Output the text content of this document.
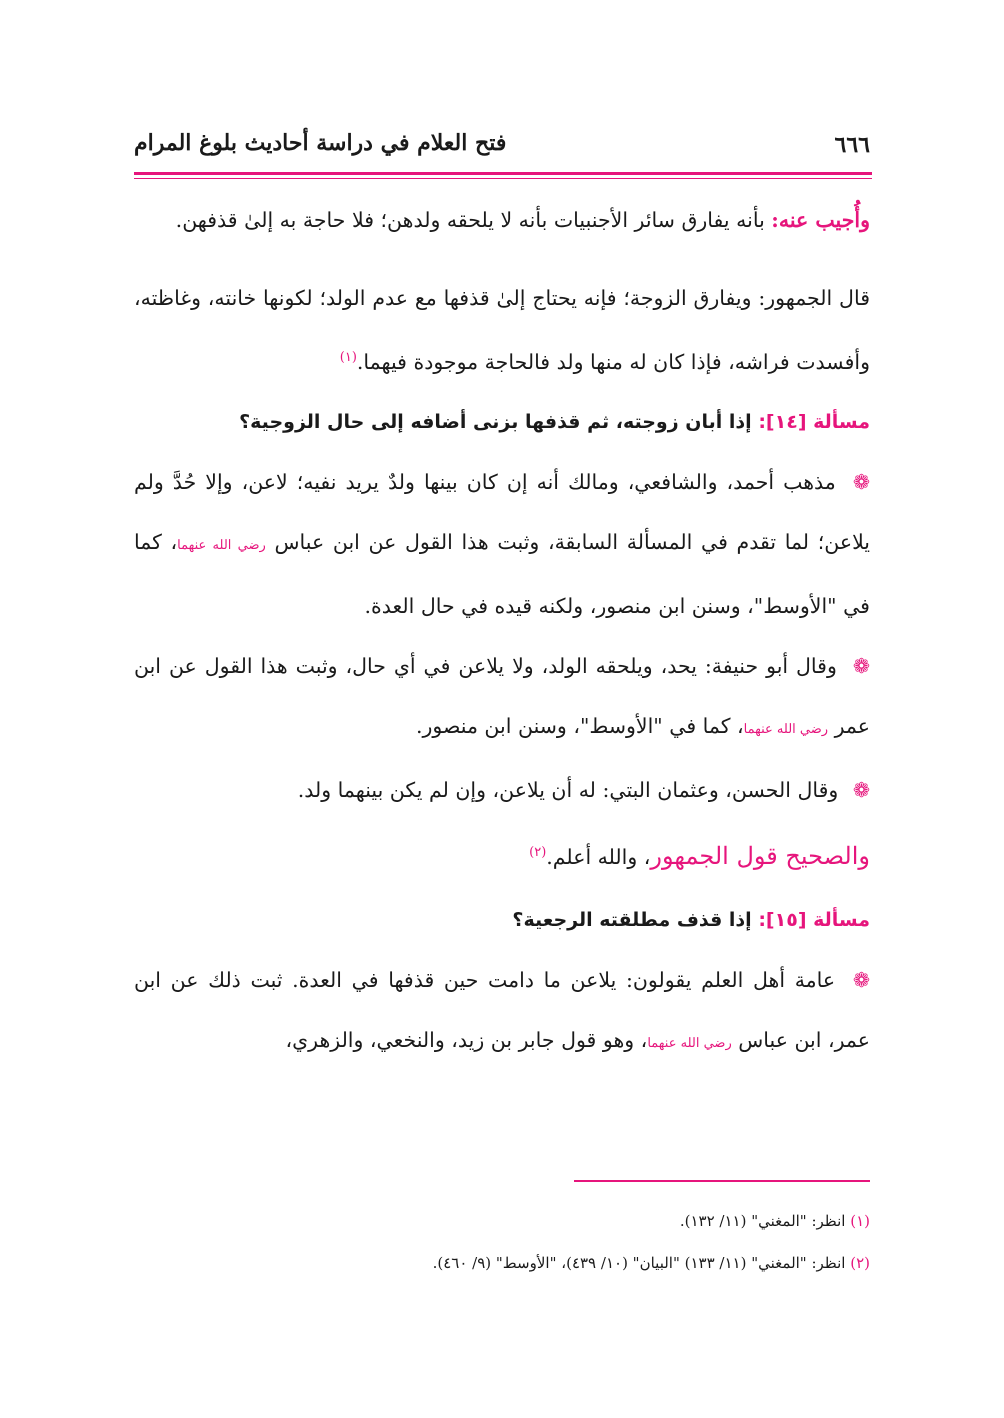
٦٦٦
فتح العلام في دراسة أحاديث بلوغ المرام

وأُجيب عنه: بأنه يفارق سائر الأجنبيات بأنه لا يلحقه ولدهن؛ فلا حاجة به إلىٰ قذفهن.

قال الجمهور: ويفارق الزوجة؛ فإنه يحتاج إلىٰ قذفها مع عدم الولد؛ لكونها خانته، وغاظته، وأفسدت فراشه، فإذا كان له منها ولد فالحاجة موجودة فيهما.$^{(١)}$

مسألة [١٤]: إذا أبان زوجته، ثم قذفها بزنى أضافه إلى حال الزوجية؟

❁ مذهب أحمد، والشافعي، ومالك أنه إن كان بينها ولدٌ يريد نفيه؛ لاعن، وإلا حُدَّ ولم يلاعن؛ لما تقدم في المسألة السابقة، وثبت هذا القول عن ابن عباس رضي الله عنهما، كما في "الأوسط"، وسنن ابن منصور، ولكنه قيده في حال العدة.

❁ وقال أبو حنيفة: يحد، ويلحقه الولد، ولا يلاعن في أي حال، وثبت هذا القول عن ابن عمر رضي الله عنهما، كما في "الأوسط"، وسنن ابن منصور.

❁ وقال الحسن، وعثمان البتي: له أن يلاعن، وإن لم يكن بينهما ولد.

والصحيح قول الجمهور، والله أعلم.$^{(٢)}$

مسألة [١٥]: إذا قذف مطلقته الرجعية؟

❁ عامة أهل العلم يقولون: يلاعن ما دامت حين قذفها في العدة. ثبت ذلك عن ابن عمر، ابن عباس رضي الله عنهما، وهو قول جابر بن زيد، والنخعي، والزهري،

(١) انظر: "المغني" (١١/ ١٣٢).

(٢) انظر: "المغني" (١١/ ١٣٣) "البيان" (١٠/ ٤٣٩)، "الأوسط" (٩/ ٤٦٠).
